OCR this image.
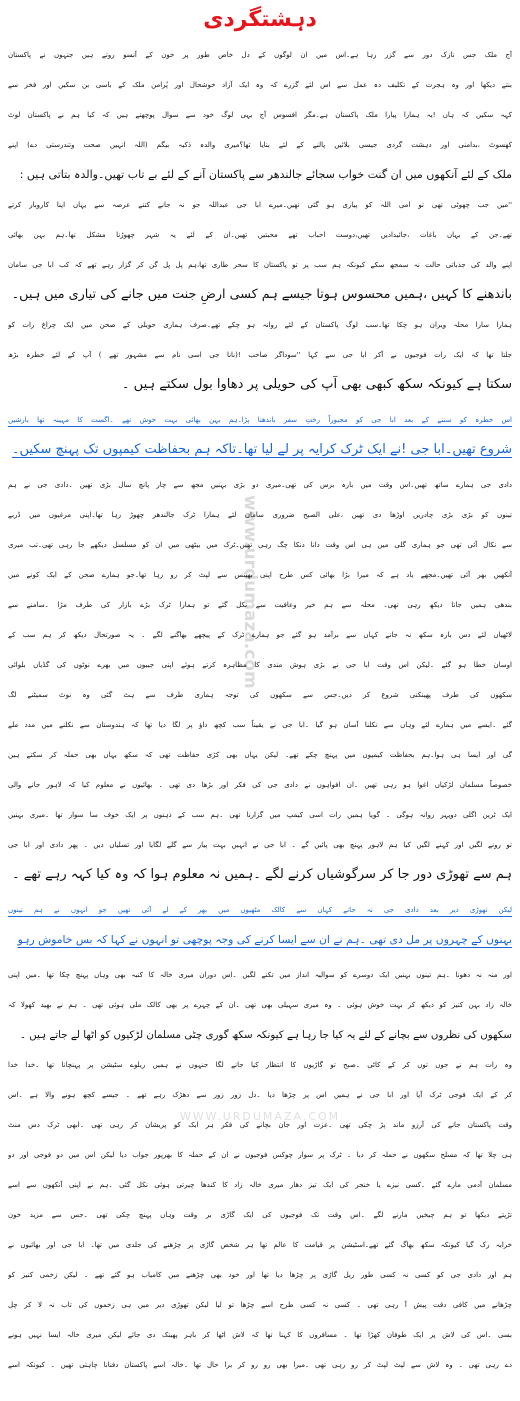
www.urdumaza.com
WWW.URDUMAZA.COM
دہشتگردی
آج ملک جس نازک دور سے گزر رہا ہے۔اس میں ان لوگوں کے دل خاص طور پر خون کے آنسو روتے ہیں جنہوں نے پاکستان
بنتے دیکھا اور وہ ہجرت کے تکلیف دہ عمل سے اس لئے گزرے کہ وہ ایک آزاد خوشحال اور پُرامن ملک کے باسی بن سکیں اور فخر سے
کہہ سکیں کہ ہاں !یہ ہمارا پیارا ملک پاکستان ہے۔مگر افسوس آج یہی لوگ خود سے سوال پوچھتے ہیں کہ کیا ہم نے پاکستان لوٹ
کھسوٹ ،بدامنی اور دہشت گردی جیسی بلائیں پالنے کے لئے بنایا تھا؟میری والدہ ذکیہ بیگم (اللہ انہیں صحت وتندرستی دے) اپنے
ملک کے لئے آنکھوں میں ان گنت خواب سجائے جالندھر سے پاکستان آنے کے لئے بے تاب تھیں۔والدہ بتاتی ہیں :
''میں جب چھوٹی تھی تو امی اللہ کو پیاری ہو گئی تھیں۔میرے ابا جی عبداللہ جو نہ جانے کتنے عرصہ سے یہاں اپنا کاروبار کرتے
تھے۔جن کے یہاں باغات ،جائیدادیں تھیں،دوست احباب تھے محبتیں تھیں۔ان کے لئے یہ شہر چھوڑنا مشکل تھا۔ہم بہن بھائی
اپنے والد کی جذباتی حالت نہ سمجھ سکے کیونکہ ہم سب پر تو پاکستان کا سحر طاری تھا،ہم پل پل گن کر گزار رہے تھے کہ کب ابا جی سامان
باندھنے کا کہیں ،ہمیں محسوس ہوتا جیسے ہم کسی ارضِ جنت میں جانے کی تیاری میں ہیں۔
ہمارا سارا محلہ ویران ہو چکا تھا۔سب لوگ پاکستان کے لئے روانہ ہو چکے تھے۔صرف ہماری حویلی کے صحن میں ایک چراغ رات کو
جلتا تھا کہ ایک رات فوجیوں نے آکر ابا جی سے کہا ''سوداگر صاحب !(نانا جی اسی نام سے مشہور تھے ) آپ کے لئے خطرہ بڑھ
سکتا ہے کیونکہ سکھ کبھی بھی آپ کی حویلی پر دھاوا بول سکتے ہیں ۔
اس خطرہ کو سننے کے بعد ابا جی کو مجبوراً رختِ سفر باندھنا پڑا۔ہم بہن بھائی بہت خوش تھے ۔اگست کا مہینہ تھا بارشیں
شروع تھیں۔ابا جی !نے ایک ٹرک کرایہ پر لے لیا تھا۔تاکہ ہم بحفاظت کیمپوں تک پہنچ سکیں۔
دادی جی ہمارے ساتھ تھیں۔اس وقت میں بارہ برس کی تھی۔میری دو بڑی بہنیں مجھ سے چار پانچ سال بڑی تھیں ۔دادی جی نے ہم
تینوں کو بڑی بڑی چادریں اوڑھا دی تھیں ،علی الصبح ضروری سامان لئے ہمارا ٹرک جالندھر چھوڑ رہا تھا۔اپنی مرغیوں میں ڈربے
سے نکال آئی تھی جو ہماری گلی میں ہی اس وقت دانا دنکا چگ رہی تھیں۔ٹرک میں بیٹھی میں ان کو مسلسل دیکھے جا رہی تھی۔تب میری
آنکھیں بھر آئی تھیں۔مجھے یاد ہے کہ میرا بڑا بھائی کس طرح اپنی بھینس سے لپٹ کر رو رہا تھا۔جو ہمارے صحن کے ایک کونے میں
بندھی ہمیں جاتا دیکھ رہی تھی۔ محلہ سے ہم خیر وعافیت سے نکل گئے تو ہمارا ٹرک بڑے بازار کی طرف مڑا ۔سامنے سے
لاٹھیاں لئے دس بارہ سکھ نہ جانے کہاں سے برآمد ہو گئے جو ہمارے ٹرک کے پیچھے بھاگنے لگے ۔ یہ صورتحال دیکھ کر ہم سب کے
اوسان خطا ہو گئے ۔لیکن اس وقت ابا جی نے بڑی ہوش مندی کا مظاہرہ کرتے ہوئے اپنی جیبوں میں بھرے نوٹوں کی گڈیاں بلوائی
سکھوں کی طرف پھینکنی شروع کر دیں۔جس سے سکھوں کی توجہ ہماری طرف سے ہٹ گئی وہ نوٹ سمیٹنے لگ
گئے ۔ایسے میں ہمارے لئے وہاں سے نکلنا آسان ہو گیا ۔ابا جی نے یقیناً سب کچھ داؤ پر لگا دیا تھا کہ ہندوستان سے نکلنے میں مدد ملے
گی اور ایسا ہی ہوا۔ہم بحفاظت کیمپوں میں پہنچ چکے تھے۔ لیکن یہاں بھی کڑی حفاظت تھی کہ سکھ یہاں بھی حملہ کر سکتے ہیں
خصوصاً مسلمان لڑکیاں اغوا ہو رہی تھیں ۔ان افواہوں نے دادی جی کی فکر اور بڑھا دی تھی ۔ بھائیوں نے معلوم کیا کہ لاہور جانے والی
ایک ٹرین اگلی دوپہر روانہ ہوگی ۔ گویا ہمیں رات اسی کیمپ میں گزارنا تھی ۔ہم سب کے ذہنوں پر ایک خوف سا سوار تھا ۔میری بہنیں
تو رونے لگیں اور کہنے لگیں کیا ہم لاہور پہنچ بھی پائیں گے ۔ ابا جی نے انہیں بہت پیار سے گلے لگایا اور تسلیاں دیں ۔ پھر دادی اور ابا جی
ہم سے تھوڑی دور جا کر سرگوشیاں کرنے لگے ۔ہمیں نہ معلوم ہوا کہ وہ کیا کہہ رہے تھے ۔
لیکن تھوڑی دیر بعد دادی جی نہ جانے کہاں سے کالک مٹھیوں میں بھر کے لے آئی تھیں جو انہوں نے ہم تینوں
بہنوں کے چہروں پر مل دی تھی ۔ہم نے ان سے ایسا کرنے کی وجہ پوچھی تو انہوں نے کہا کہ بس خاموش رہو
اور منہ نہ دھونا ۔ہم تینوں بہنیں ایک دوسرے کو سوالیہ انداز میں تکنے لگیں ۔اس دوران میری خالہ کا کنبہ بھی وہاں پہنچ چکا تھا ۔میں اپنی
خالہ زاد بہن کنیز کو دیکھ کر بہت خوش ہوئی ۔ وہ میری سہیلی بھی تھی ۔ان کے چہرے پر بھی کالک ملی ہوئی تھی ۔ ہم نے بھید کھولا کہ
سکھوں کی نظروں سے بچانے کے لئے یہ کیا جا رہا ہے کیونکہ سکھ گوری چٹی مسلمان لڑکیوں کو اٹھا لے جاتے ہیں ۔
وہ رات ہم نے جوں توں کر کے کاٹی ۔صبح تو گاڑیوں کا انتظار کیا جانے لگا جنہوں نے ہمیں ریلوے سٹیشن پر پہنچانا تھا ۔خدا خدا
کر کے ایک فوجی ٹرک آیا اور ابا جی نے ہمیں اس پر چڑھا دیا ۔دل زور زور سے دھڑک رہے تھے ۔ جیسے کچھ ہونے والا ہے ۔اس
وقت پاکستان جانے کی آرزو ماند پڑ چکی تھی ۔عزت اور جان بچانے کی فکر ہر ایک کو پریشان کر رہی تھی ۔ابھی ٹرک دس منٹ
ہی چلا تھا کہ مسلح سکھوں نے حملہ کر دیا ۔ ٹرک پر سوار چوکس فوجیوں نے ان کے حملہ کا بھرپور جواب دیا لیکن اس میں دو فوجی اور دو
مسلمان آدمی مارے گئے ۔کسی نیزے یا خنجر کی ایک تیز دھار میری خالہ زاد کا کندھا چیرتی ہوئی نکل گئی ۔ہم نے اپنی آنکھوں سے اسے
تڑپتے دیکھا تو ہم چیخیں مارنے لگے ۔اس وقت تک فوجیوں کی ایک گاڑی بر وقت وہاں پہنچ چکی تھی ۔جس سے مزید خون
خرابہ رک گیا کیونکہ سکھ بھاگ گئے تھے۔اسٹیشن پر قیامت کا عالم تھا ہر شخص گاڑی پر چڑھنے کی جلدی میں تھا۔ ابا جی اور بھائیوں نے
ہم اور دادی جی کو کسی نہ کسی طور ریل گاڑی پر چڑھا دیا تھا اور خود بھی چڑھنے میں کامیاب ہو گئے تھے ۔ لیکن زخمی کنیز کو
چڑھانے میں کافی دقت پیش آ رہی تھی ۔ کسی نہ کسی طرح اسے چڑھا تو لیا لیکن تھوڑی دیر میں ہی زخموں کی تاب نہ لا کر چل
بسی ۔اس کی لاش پر ایک طوفان کھڑا تھا ۔ مسافروں کا کہنا تھا کہ لاش اٹھا کر باہر پھینک دی جائے لیکن میری خالہ ایسا نہیں ہونے
دے رہی تھی ۔ وہ لاش سے لپٹ لپٹ کر رو رہی تھی ۔میرا بھی رو رو کر برا حال تھا ۔خالہ اسے پاکستان دفنانا چاہتی تھیں ۔ کیونکہ اسے
